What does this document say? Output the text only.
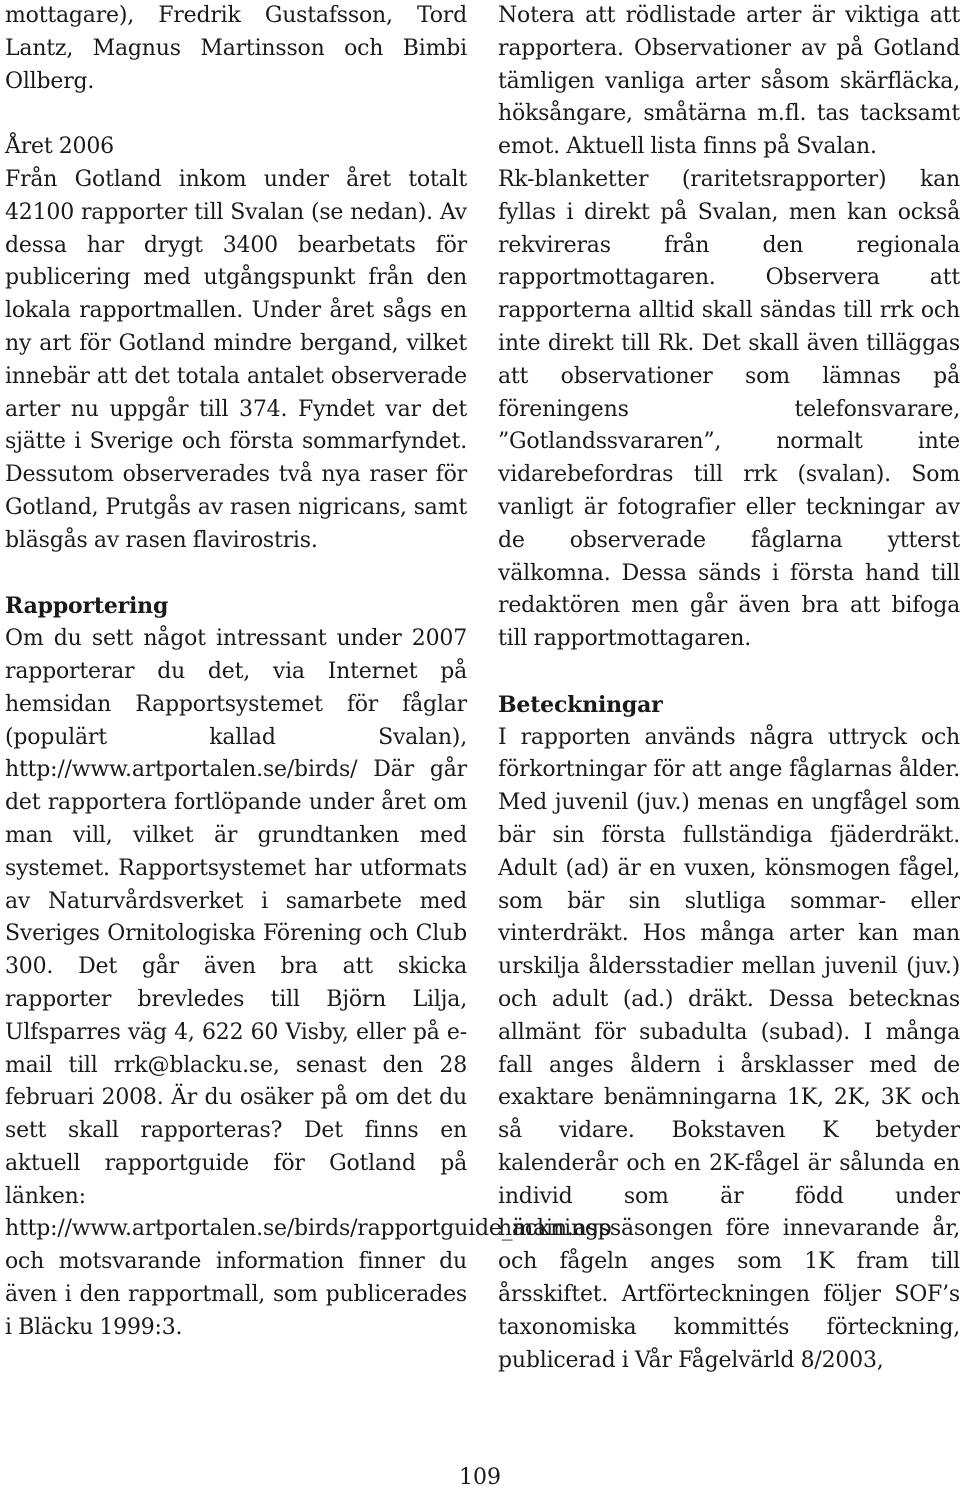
mottagare), Fredrik Gustafsson, Tord Lantz, Magnus Martinsson och Bimbi Ollberg.

Året 2006

Från Gotland inkom under året totalt 42100 rapporter till Svalan (se nedan). Av dessa har drygt 3400 bearbetats för publicering med utgångspunkt från den lokala rapportmallen. Under året sågs en ny art för Gotland mindre bergand, vilket innebär att det totala antalet observerade arter nu uppgår till 374. Fyndet var det sjätte i Sverige och första sommarfyndet. Dessutom observerades två nya raser för Gotland, Prutgås av rasen nigricans, samt bläsgås av rasen flavirostris.

Rapportering

Om du sett något intressant under 2007 rapporterar du det, via Internet på hemsidan Rapportsystemet för fåglar (populärt kallad Svalan), http://www.artportalen.se/birds/ Där går det rapportera fortlöpande under året om man vill, vilket är grundtanken med systemet. Rapportsystemet har utformats av Naturvårdsverket i samarbete med Sveriges Ornitologiska Förening och Club 300. Det går även bra att skicka rapporter brevledes till Björn Lilja, Ulfsparres väg 4, 622 60 Visby, eller på e-mail till rrk@blacku.se, senast den 28 februari 2008. Är du osäker på om det du sett skall rapporteras? Det finns en aktuell rapportguide för Gotland på länken: http://www.artportalen.se/birds/rapportguide_main.asp och motsvarande information finner du även i den rapportmall, som publicerades i Bläcku 1999:3.

Notera att rödlistade arter är viktiga att rapportera. Observationer av på Gotland tämligen vanliga arter såsom skärfläcka, höksångare, småtärna m.fl. tas tacksamt emot. Aktuell lista finns på Svalan.

Rk-blanketter (raritetsrapporter) kan fyllas i direkt på Svalan, men kan också rekvireras från den regionala rapportmottagaren. Observera att rapporterna alltid skall sändas till rrk och inte direkt till Rk. Det skall även tilläggas att observationer som lämnas på föreningens telefonsvarare, ”Gotlandssvararen”, normalt inte vidarebefordras till rrk (svalan). Som vanligt är fotografier eller teckningar av de observerade fåglarna ytterst välkomna. Dessa sänds i första hand till redaktören men går även bra att bifoga till rapportmottagaren.

Beteckningar

I rapporten används några uttryck och förkortningar för att ange fåglarnas ålder. Med juvenil (juv.) menas en ungfågel som bär sin första fullständiga fjäderdräkt. Adult (ad) är en vuxen, könsmogen fågel, som bär sin slutliga sommar- eller vinterdräkt. Hos många arter kan man urskilja åldersstadier mellan juvenil (juv.) och adult (ad.) dräkt. Dessa betecknas allmänt för subadulta (subad). I många fall anges åldern i årsklasser med de exaktare benämningarna 1K, 2K, 3K och så vidare. Bokstaven K betyder kalenderår och en 2K-fågel är sålunda en individ som är född under häckningssäsongen före innevarande år, och fågeln anges som 1K fram till årsskiftet. Artförteckningen följer SOF’s taxonomiska kommittés förteckning, publicerad i Vår Fågelvärld 8/2003,

109
